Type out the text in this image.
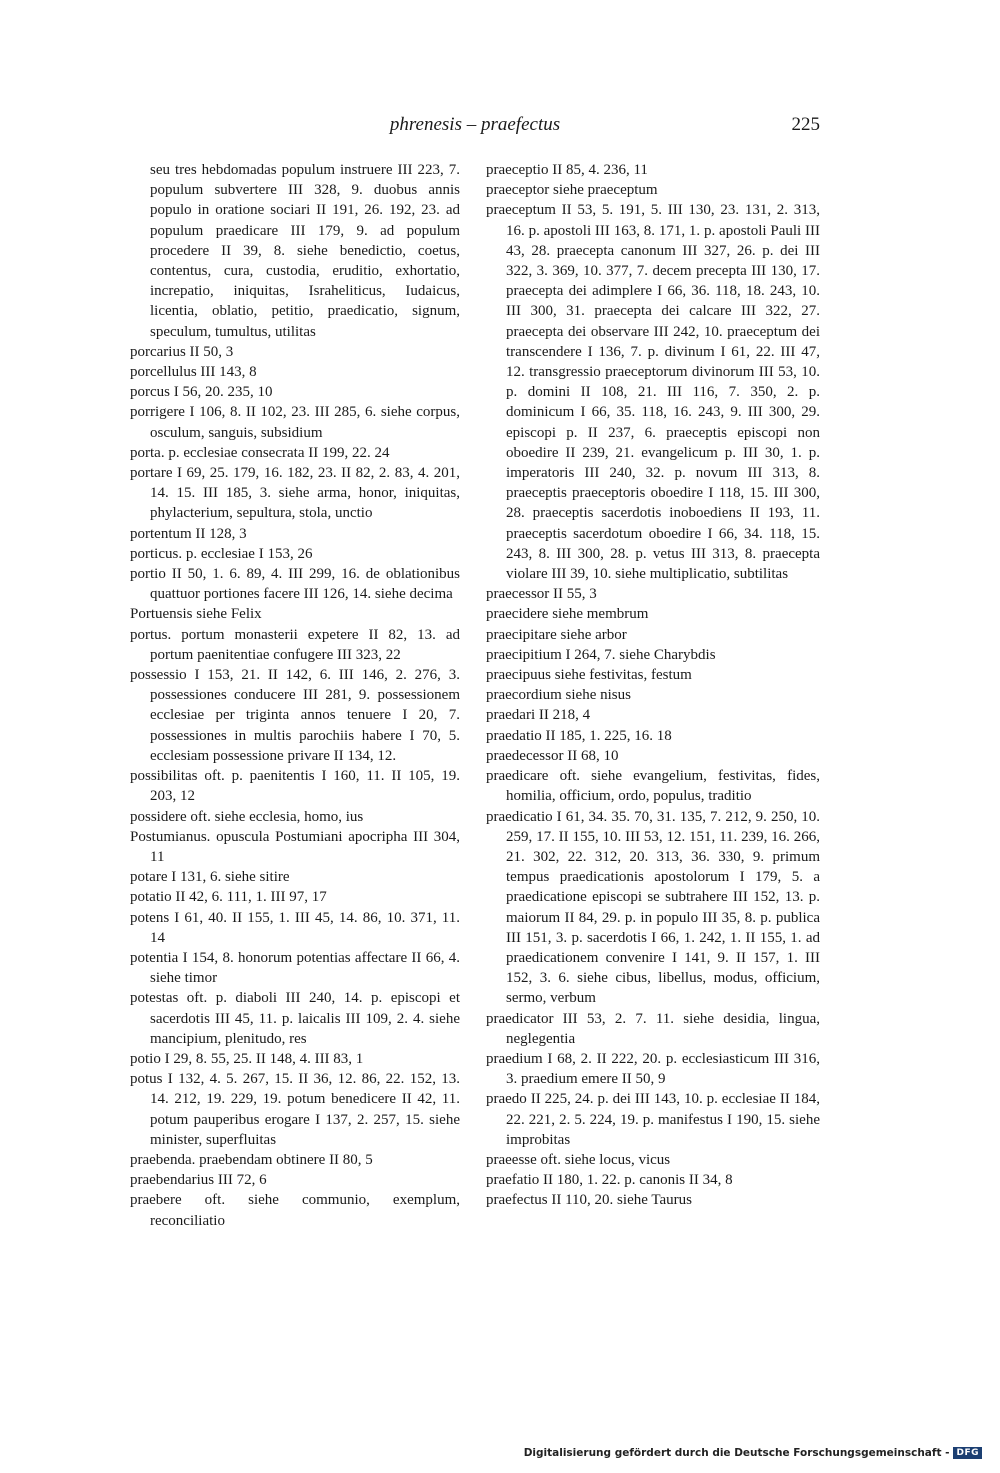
phrenesis – praefectus	225

seu tres hebdomadas populum instruere III 223, 7. populum subvertere III 328, 9. duobus annis populo in oratione sociari II 191, 26. 192, 23. ad populum praedicare III 179, 9. ad populum procedere II 39, 8. siehe benedictio, coetus, contentus, cura, custodia, eruditio, exhortatio, increpatio, iniquitas, Israheliticus, Iudaicus, licentia, oblatio, petitio, praedicatio, signum, speculum, tumultus, utilitas

porcarius II 50, 3

porcellulus III 143, 8

porcus I 56, 20. 235, 10

porrigere I 106, 8. II 102, 23. III 285, 6. siehe corpus, osculum, sanguis, subsidium

porta. p. ecclesiae consecrata II 199, 22. 24

portare I 69, 25. 179, 16. 182, 23. II 82, 2. 83, 4. 201, 14. 15. III 185, 3. siehe arma, honor, iniquitas, phylacterium, sepultura, stola, unctio

portentum II 128, 3

porticus. p. ecclesiae I 153, 26

portio II 50, 1. 6. 89, 4. III 299, 16. de oblationibus quattuor portiones facere III 126, 14. siehe decima

Portuensis siehe Felix

portus. portum monasterii expetere II 82, 13. ad portum paenitentiae confugere III 323, 22

possessio I 153, 21. II 142, 6. III 146, 2. 276, 3. possessiones conducere III 281, 9. possessionem ecclesiae per triginta annos tenuere I 20, 7. possessiones in multis parochiis habere I 70, 5. ecclesiam possessione privare II 134, 12.

possibilitas oft. p. paenitentis I 160, 11. II 105, 19. 203, 12

possidere oft. siehe ecclesia, homo, ius

Postumianus. opuscula Postumiani apocripha III 304, 11

potare I 131, 6. siehe sitire

potatio II 42, 6. 111, 1. III 97, 17

potens I 61, 40. II 155, 1. III 45, 14. 86, 10. 371, 11. 14

potentia I 154, 8. honorum potentias affectare II 66, 4. siehe timor

potestas oft. p. diaboli III 240, 14. p. episcopi et sacerdotis III 45, 11. p. laicalis III 109, 2. 4. siehe mancipium, plenitudo, res

potio I 29, 8. 55, 25. II 148, 4. III 83, 1

potus I 132, 4. 5. 267, 15. II 36, 12. 86, 22. 152, 13. 14. 212, 19. 229, 19. potum benedicere II 42, 11. potum pauperibus erogare I 137, 2. 257, 15. siehe minister, superfluitas

praebenda. praebendam obtinere II 80, 5

praebendarius III 72, 6

praebere oft. siehe communio, exemplum, reconciliatio

praeceptio II 85, 4. 236, 11

praeceptor siehe praeceptum

praeceptum II 53, 5. 191, 5. III 130, 23. 131, 2. 313, 16. p. apostoli III 163, 8. 171, 1. p. apostoli Pauli III 43, 28. praecepta canonum III 327, 26. p. dei III 322, 3. 369, 10. 377, 7. decem precepta III 130, 17. praecepta dei adimplere I 66, 36. 118, 18. 243, 10. III 300, 31. praecepta dei calcare III 322, 27. praecepta dei observare III 242, 10. praeceptum dei transcendere I 136, 7. p. divinum I 61, 22. III 47, 12. transgressio praeceptorum divinorum III 53, 10. p. domini II 108, 21. III 116, 7. 350, 2. p. dominicum I 66, 35. 118, 16. 243, 9. III 300, 29. episcopi p. II 237, 6. praeceptis episcopi non oboedire II 239, 21. evangelicum p. III 30, 1. p. imperatoris III 240, 32. p. novum III 313, 8. praeceptis praeceptoris oboedire I 118, 15. III 300, 28. praeceptis sacerdotis inoboediens II 193, 11. praeceptis sacerdotum oboedire I 66, 34. 118, 15. 243, 8. III 300, 28. p. vetus III 313, 8. praecepta violare III 39, 10. siehe multiplicatio, subtilitas

praecessor II 55, 3

praecidere siehe membrum

praecipitare siehe arbor

praecipitium I 264, 7. siehe Charybdis

praecipuus siehe festivitas, festum

praecordium siehe nisus

praedari II 218, 4

praedatio II 185, 1. 225, 16. 18

praedecessor II 68, 10

praedicare oft. siehe evangelium, festivitas, fides, homilia, officium, ordo, populus, traditio

praedicatio I 61, 34. 35. 70, 31. 135, 7. 212, 9. 250, 10. 259, 17. II 155, 10. III 53, 12. 151, 11. 239, 16. 266, 21. 302, 22. 312, 20. 313, 36. 330, 9. primum tempus praedicationis apostolorum I 179, 5. a praedicatione episcopi se subtrahere III 152, 13. p. maiorum II 84, 29. p. in populo III 35, 8. p. publica III 151, 3. p. sacerdotis I 66, 1. 242, 1. II 155, 1. ad praedicationem convenire I 141, 9. II 157, 1. III 152, 3. 6. siehe cibus, libellus, modus, officium, sermo, verbum

praedicator III 53, 2. 7. 11. siehe desidia, lingua, neglegentia

praedium I 68, 2. II 222, 20. p. ecclesiasticum III 316, 3. praedium emere II 50, 9

praedo II 225, 24. p. dei III 143, 10. p. ecclesiae II 184, 22. 221, 2. 5. 224, 19. p. manifestus I 190, 15. siehe improbitas

praeesse oft. siehe locus, vicus

praefatio II 180, 1. 22. p. canonis II 34, 8

praefectus II 110, 20. siehe Taurus

Digitalisierung gefördert durch die Deutsche Forschungsgemeinschaft - DFG
